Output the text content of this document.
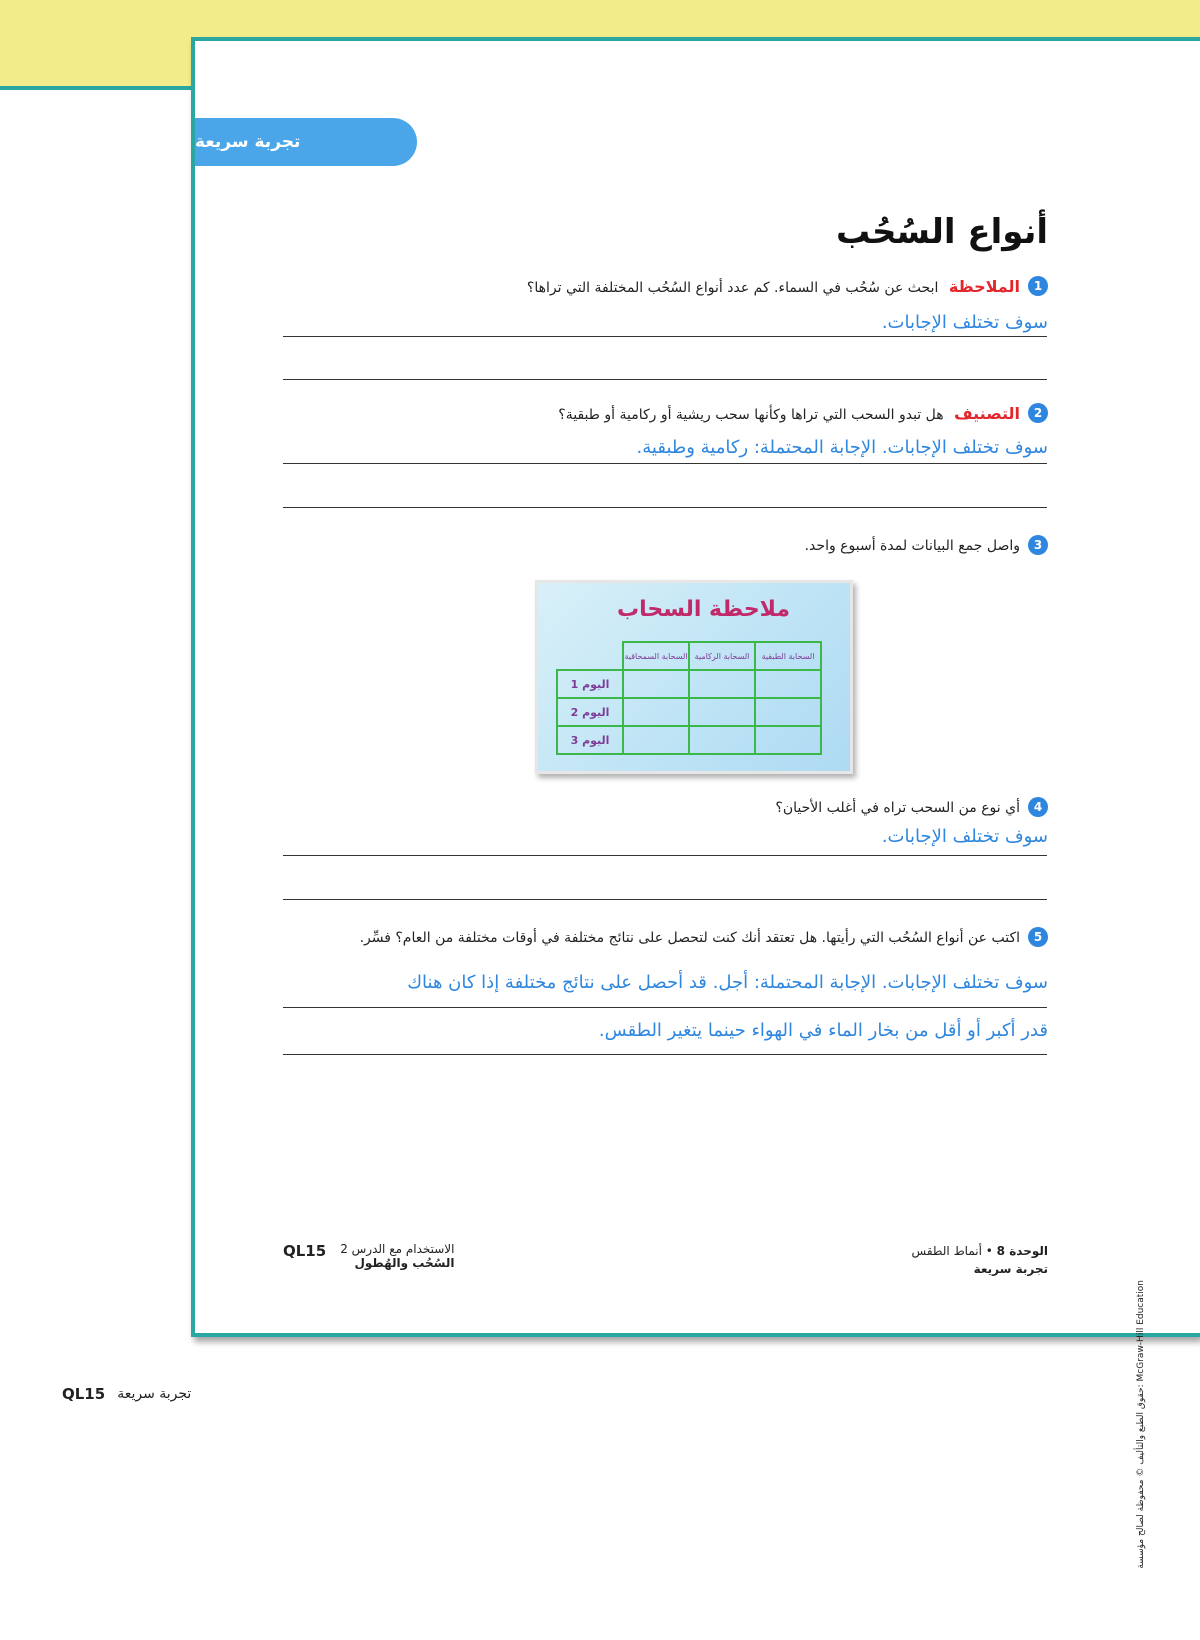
تجربة سريعة
أنواع السُحُب
1
الملاحظة ابحث عن سُحُب في السماء. كم عدد أنواع السُحُب المختلفة التي تراها؟
سوف تختلف الإجابات.
2
التصنيف هل تبدو السحب التي تراها وكأنها سحب ريشية أو ركامية أو طبقية؟
سوف تختلف الإجابات. الإجابة المحتملة: ركامية وطبقية.
3
واصل جمع البيانات لمدة أسبوع واحد.
ملاحظة السحاب
	السحابة السمحاقية	السحابة الركامية	السحابة الطبقية
اليوم 1			
اليوم 2			
اليوم 3			
4
أي نوع من السحب تراه في أغلب الأحيان؟
سوف تختلف الإجابات.
5
اكتب عن أنواع السُحُب التي رأيتها. هل تعتقد أنك كنت لتحصل على نتائج مختلفة في أوقات مختلفة من العام؟ فسِّر.
سوف تختلف الإجابات. الإجابة المحتملة: أجل. قد أحصل على نتائج مختلفة إذا كان هناك
قدر أكبر أو أقل من بخار الماء في الهواء حينما يتغير الطقس.
McGraw-Hill Education :حقوق الطبع والتأليف © محفوظة لصالح مؤسسة
الوحدة 8 • أنماط الطقس
تجربة سريعة
QL15 الاستخدام مع الدرس 2
السُحُب والهُطول
QL15 تجربة سريعة
